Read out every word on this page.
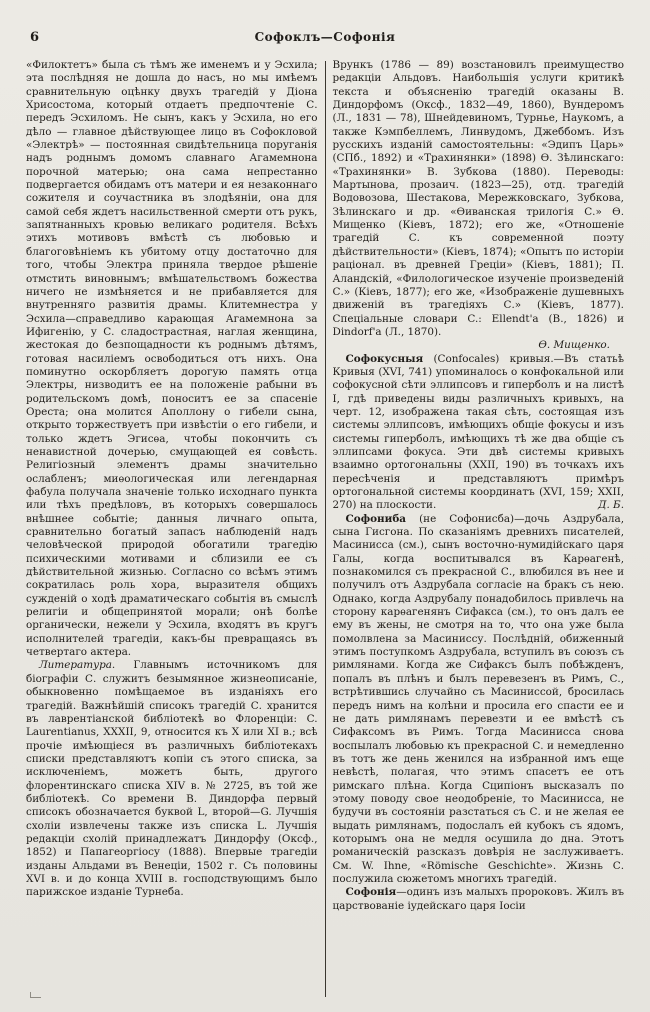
6	Софоклъ—Софонія

«Филоктетъ» была съ тѣмъ же именемъ и у Эсхила; эта послѣдняя не дошла до насъ, но мы имѣемъ сравнительную оцѣнку двухъ трагедій у Діона Хрисостома, который отдаетъ предпочтеніе С. передъ Эсхиломъ. Не сынъ, какъ у Эсхила, но его дѣло — главное дѣйствующее лицо въ Софокловой «Электрѣ» — постоянная свидѣтельница поруганія надъ роднымъ домомъ славнаго Агамемнона порочной матерью; она сама непрестанно подвергается обидамъ отъ матери и ея незаконнаго сожителя и соучастника въ злодѣяніи, она для самой себя ждетъ насильственной смерти отъ рукъ, запятнанныхъ кровью великаго родителя. Всѣхъ этихъ мотивовъ вмѣстѣ съ любовью и благоговѣніемъ къ убитому отцу достаточно для того, чтобы Электра приняла твердое рѣшеніе отмстить виновнымъ; вмѣшательствомъ божества ничего не измѣняется и не прибавляется для внутренняго развитія драмы. Клитемнестра у Эсхила—справедливо карающая Агамемнона за Ифигенію, у С. сладострастная, наглая женщина, жестокая до безпощадности къ роднымъ дѣтямъ, готовая насиліемъ освободиться отъ нихъ. Она поминутно оскорбляетъ дорогую память отца Электры, низводитъ ее на положеніе рабыни въ родительскомъ домѣ, поноситъ ее за спасеніе Ореста; она молится Аполлону о гибели сына, открыто торжествуетъ при извѣстіи о его гибели, и только ждетъ Эгисѳа, чтобы покончить съ ненавистной дочерью, смущающей ея совѣсть. Религіозный элементъ драмы значительно ослабленъ; миѳологическая или легендарная фабула получала значеніе только исходнаго пункта или тѣхъ предѣловъ, въ которыхъ совершалось внѣшнее событіе; данныя личнаго опыта, сравнительно богатый запасъ наблюденій надъ человѣческой природой обогатили трагедію психическими мотивами и сблизили ее съ дѣйствительной жизнью. Согласно со всѣмъ этимъ сократилась роль хора, выразителя общихъ сужденій о ходѣ драматическаго событія въ смыслѣ религіи и общепринятой морали; онѣ болѣе органически, нежели у Эсхила, входятъ въ кругъ исполнителей трагедіи, какъ-бы превращаясь въ четвертаго актера.

Литература. Главнымъ источникомъ для біографіи С. служитъ безымянное жизнеописаніе, обыкновенно помѣщаемое въ изданіяхъ его трагедій. Важнѣйшій списокъ трагедій С. хранится въ лаврентіанской библіотекѣ во Флоренціи: C. Laurentianus, XXXII, 9, относится къ X или XI в.; всѣ прочіе имѣющіеся въ различныхъ библіотекахъ списки представляютъ копіи съ этого списка, за исключеніемъ, можетъ быть, другого флорентинскаго списка XIV в. № 2725, въ той же библіотекѣ. Со времени В. Диндорфа первый списокъ обозначается буквой L, второй—G. Лучшія схоліи извлечены также изъ списка L. Лучшія редакціи схолій принадлежатъ Диндорфу (Оксф., 1852) и Папагеоргіосу (1888). Впервые трагедіи изданы Альдами въ Венеціи, 1502 г. Съ половины XVI в. и до конца XVIII в. господствующимъ было парижское изданіе Турнеба.

Врункъ (1786 — 89) возстановилъ преимущество редакціи Альдовъ. Наибольшія услуги критикѣ текста и объясненію трагедій оказаны В. Диндорфомъ (Оксф., 1832—49, 1860), Вундеромъ (Л., 1831 — 78), Шнейдевиномъ, Турнье, Наукомъ, а также Кэмпбеллемъ, Линвудомъ, Джеббомъ. Изъ русскихъ изданій самостоятельны: «Эдипъ Царь» (СПб., 1892) и «Трахинянки» (1898) Ѳ. Зѣлинскаго: «Трахинянки» В. Зубкова (1880). Переводы: Мартынова, прозаич. (1823—25), отд. трагедій Водовозова, Шестакова, Мережковскаго, Зубкова, Зѣлинскаго и др. «Ѳиванская трилогія С.» Ѳ. Мищенко (Кіевъ, 1872); его же, «Отношеніе трагедій С. къ современной поэту дѣйствительности» (Кіевъ, 1874); «Опытъ по исторіи раціонал. въ древней Греціи» (Кіевъ, 1881); П. Аландскій, «Филологическое изученіе произведеній С.» (Кіевъ, 1877); его же, «Изображеніе душевныхъ движеній въ трагедіяхъ С.» (Кіевъ, 1877). Спеціальные словари C.: Ellendt'а (В., 1826) и Dindorf'а (Л., 1870).

Ѳ. Мищенко.

Софокусныя (Confocales) кривыя.—Въ статьѣ Кривыя (XVI, 741) упоминалось о конфокальной или софокусной сѣти эллипсовъ и гиперболъ и на листѣ I, гдѣ приведены виды различныхъ кривыхъ, на черт. 12, изображена такая сѣть, состоящая изъ системы эллипсовъ, имѣющихъ общіе фокусы и изъ системы гиперболъ, имѣющихъ тѣ же два общіе съ эллипсами фокуса. Эти двѣ системы кривыхъ взаимно ортогональны (XXII, 190) въ точкахъ ихъ пересѣченія и представляютъ примѣръ ортогональной системы координатъ (XVI, 159; XXII, 270) на плоскости.	Д. Б.

Софониба (не Софонисба)—дочь Аздрубала, сына Гисгона. По сказаніямъ древнихъ писателей, Масинисса (см.), сынъ восточно-нумидійскаго царя Галы, когда воспитывался въ Карѳагенѣ, познакомился съ прекрасной С., влюбился въ нее и получилъ отъ Аздрубала согласіе на бракъ съ нею. Однако, когда Аздрубалу понадобилось привлечь на сторону карѳагенянъ Сифакса (см.), то онъ далъ ее ему въ жены, не смотря на то, что она уже была помолвлена за Масиниссу. Послѣдній, обиженный этимъ поступкомъ Аздрубала, вступилъ въ союзъ съ римлянами. Когда же Сифаксъ былъ побѣжденъ, попалъ въ плѣнъ и былъ перевезенъ въ Римъ, С., встрѣтившись случайно съ Масиниссой, бросилась передъ нимъ на колѣни и просила его спасти ее и не дать римлянамъ перевезти и ее вмѣстѣ съ Сифаксомъ въ Римъ. Тогда Масинисса снова воспылалъ любовью къ прекрасной С. и немедленно въ тотъ же день женился на избранной имъ еще невѣстѣ, полагая, что этимъ спасетъ ее отъ римскаго плѣна. Когда Сципіонъ высказалъ по этому поводу свое неодобреніе, то Масинисса, не будучи въ состояніи разстаться съ С. и не желая ее выдать римлянамъ, подослалъ ей кубокъ съ ядомъ, которымъ она не медля осушила до дна. Этотъ романическій разсказъ довѣрія не заслуживаетъ. См. W. Ihne, «Römische Geschichte». Жизнь С. послужила сюжетомъ многихъ трагедій.

Софонія—одинъ изъ малыхъ пророковъ. Жилъ въ царствованіе іудейскаго царя Іосіи
